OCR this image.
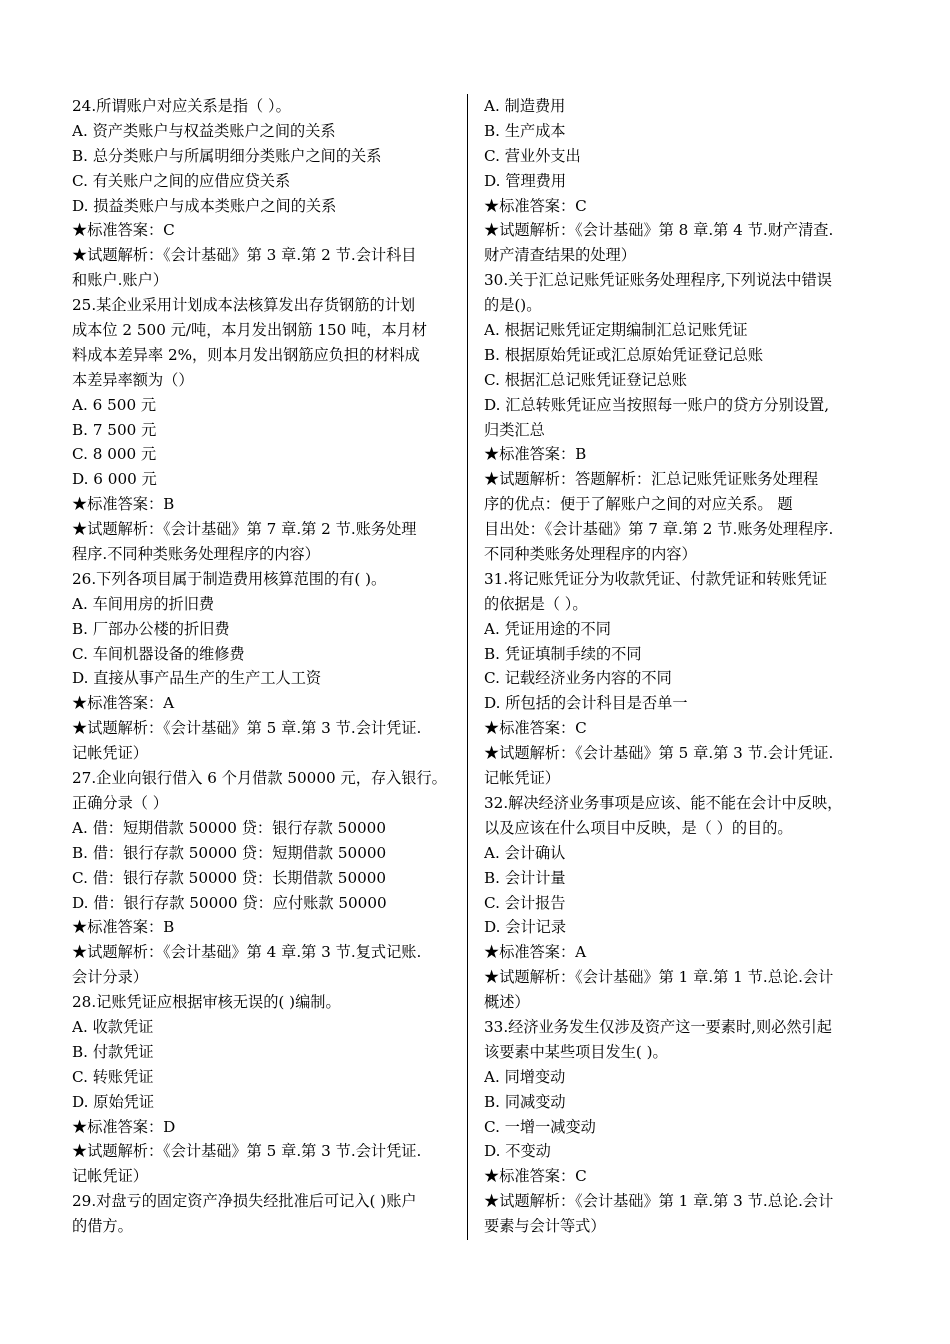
24.所谓账户对应关系是指（ ）。
A. 资产类账户与权益类账户之间的关系
B. 总分类账户与所属明细分类账户之间的关系
C. 有关账户之间的应借应贷关系
D. 损益类账户与成本类账户之间的关系
★标准答案：C
★试题解析：《会计基础》第 3 章.第 2 节.会计科目
和账户.账户）
25.某企业采用计划成本法核算发出存货钢筋的计划
成本位 2 500 元/吨，本月发出钢筋 150 吨，本月材
料成本差异率 2%，则本月发出钢筋应负担的材料成
本差异率额为（）
A. 6 500 元
B. 7 500 元
C. 8 000 元
D. 6 000 元
★标准答案：B
★试题解析：《会计基础》第 7 章.第 2 节.账务处理
程序.不同种类账务处理程序的内容）
26.下列各项目属于制造费用核算范围的有( )。
A. 车间用房的折旧费
B. 厂部办公楼的折旧费
C. 车间机器设备的维修费
D. 直接从事产品生产的生产工人工资
★标准答案：A
★试题解析：《会计基础》第 5 章.第 3 节.会计凭证.
记帐凭证）
27.企业向银行借入 6 个月借款 50000 元，存入银行。
正确分录（ ）
A. 借：短期借款 50000 贷：银行存款 50000
B. 借：银行存款 50000 贷：短期借款 50000
C. 借：银行存款 50000 贷：长期借款 50000
D. 借：银行存款 50000 贷：应付账款 50000
★标准答案：B
★试题解析：《会计基础》第 4 章.第 3 节.复式记账.
会计分录）
28.记账凭证应根据审核无误的( )编制。
A. 收款凭证
B. 付款凭证
C. 转账凭证
D. 原始凭证
★标准答案：D
★试题解析：《会计基础》第 5 章.第 3 节.会计凭证.
记帐凭证）
29.对盘亏的固定资产净损失经批准后可记入( )账户
的借方。
A. 制造费用
B. 生产成本
C. 营业外支出
D. 管理费用
★标准答案：C
★试题解析：《会计基础》第 8 章.第 4 节.财产清查.
财产清查结果的处理）
30.关于汇总记账凭证账务处理程序,下列说法中错误
的是()。
A. 根据记账凭证定期编制汇总记账凭证
B. 根据原始凭证或汇总原始凭证登记总账
C. 根据汇总记账凭证登记总账
D. 汇总转账凭证应当按照每一账户的贷方分别设置,
归类汇总
★标准答案：B
★试题解析：答题解析：汇总记账凭证账务处理程
序的优点：便于了解账户之间的对应关系。 题
目出处：《会计基础》第 7 章.第 2 节.账务处理程序.
不同种类账务处理程序的内容）
31.将记账凭证分为收款凭证、付款凭证和转账凭证
的依据是（ ）。
A. 凭证用途的不同
B. 凭证填制手续的不同
C. 记载经济业务内容的不同
D. 所包括的会计科目是否单一
★标准答案：C
★试题解析：《会计基础》第 5 章.第 3 节.会计凭证.
记帐凭证）
32.解决经济业务事项是应该、能不能在会计中反映，
以及应该在什么项目中反映，是（ ）的目的。
A. 会计确认
B. 会计计量
C. 会计报告
D. 会计记录
★标准答案：A
★试题解析：《会计基础》第 1 章.第 1 节.总论.会计
概述）
33.经济业务发生仅涉及资产这一要素时,则必然引起
该要素中某些项目发生( )。
A. 同增变动
B. 同减变动
C. 一增一减变动
D. 不变动
★标准答案：C
★试题解析：《会计基础》第 1 章.第 3 节.总论.会计
要素与会计等式）
